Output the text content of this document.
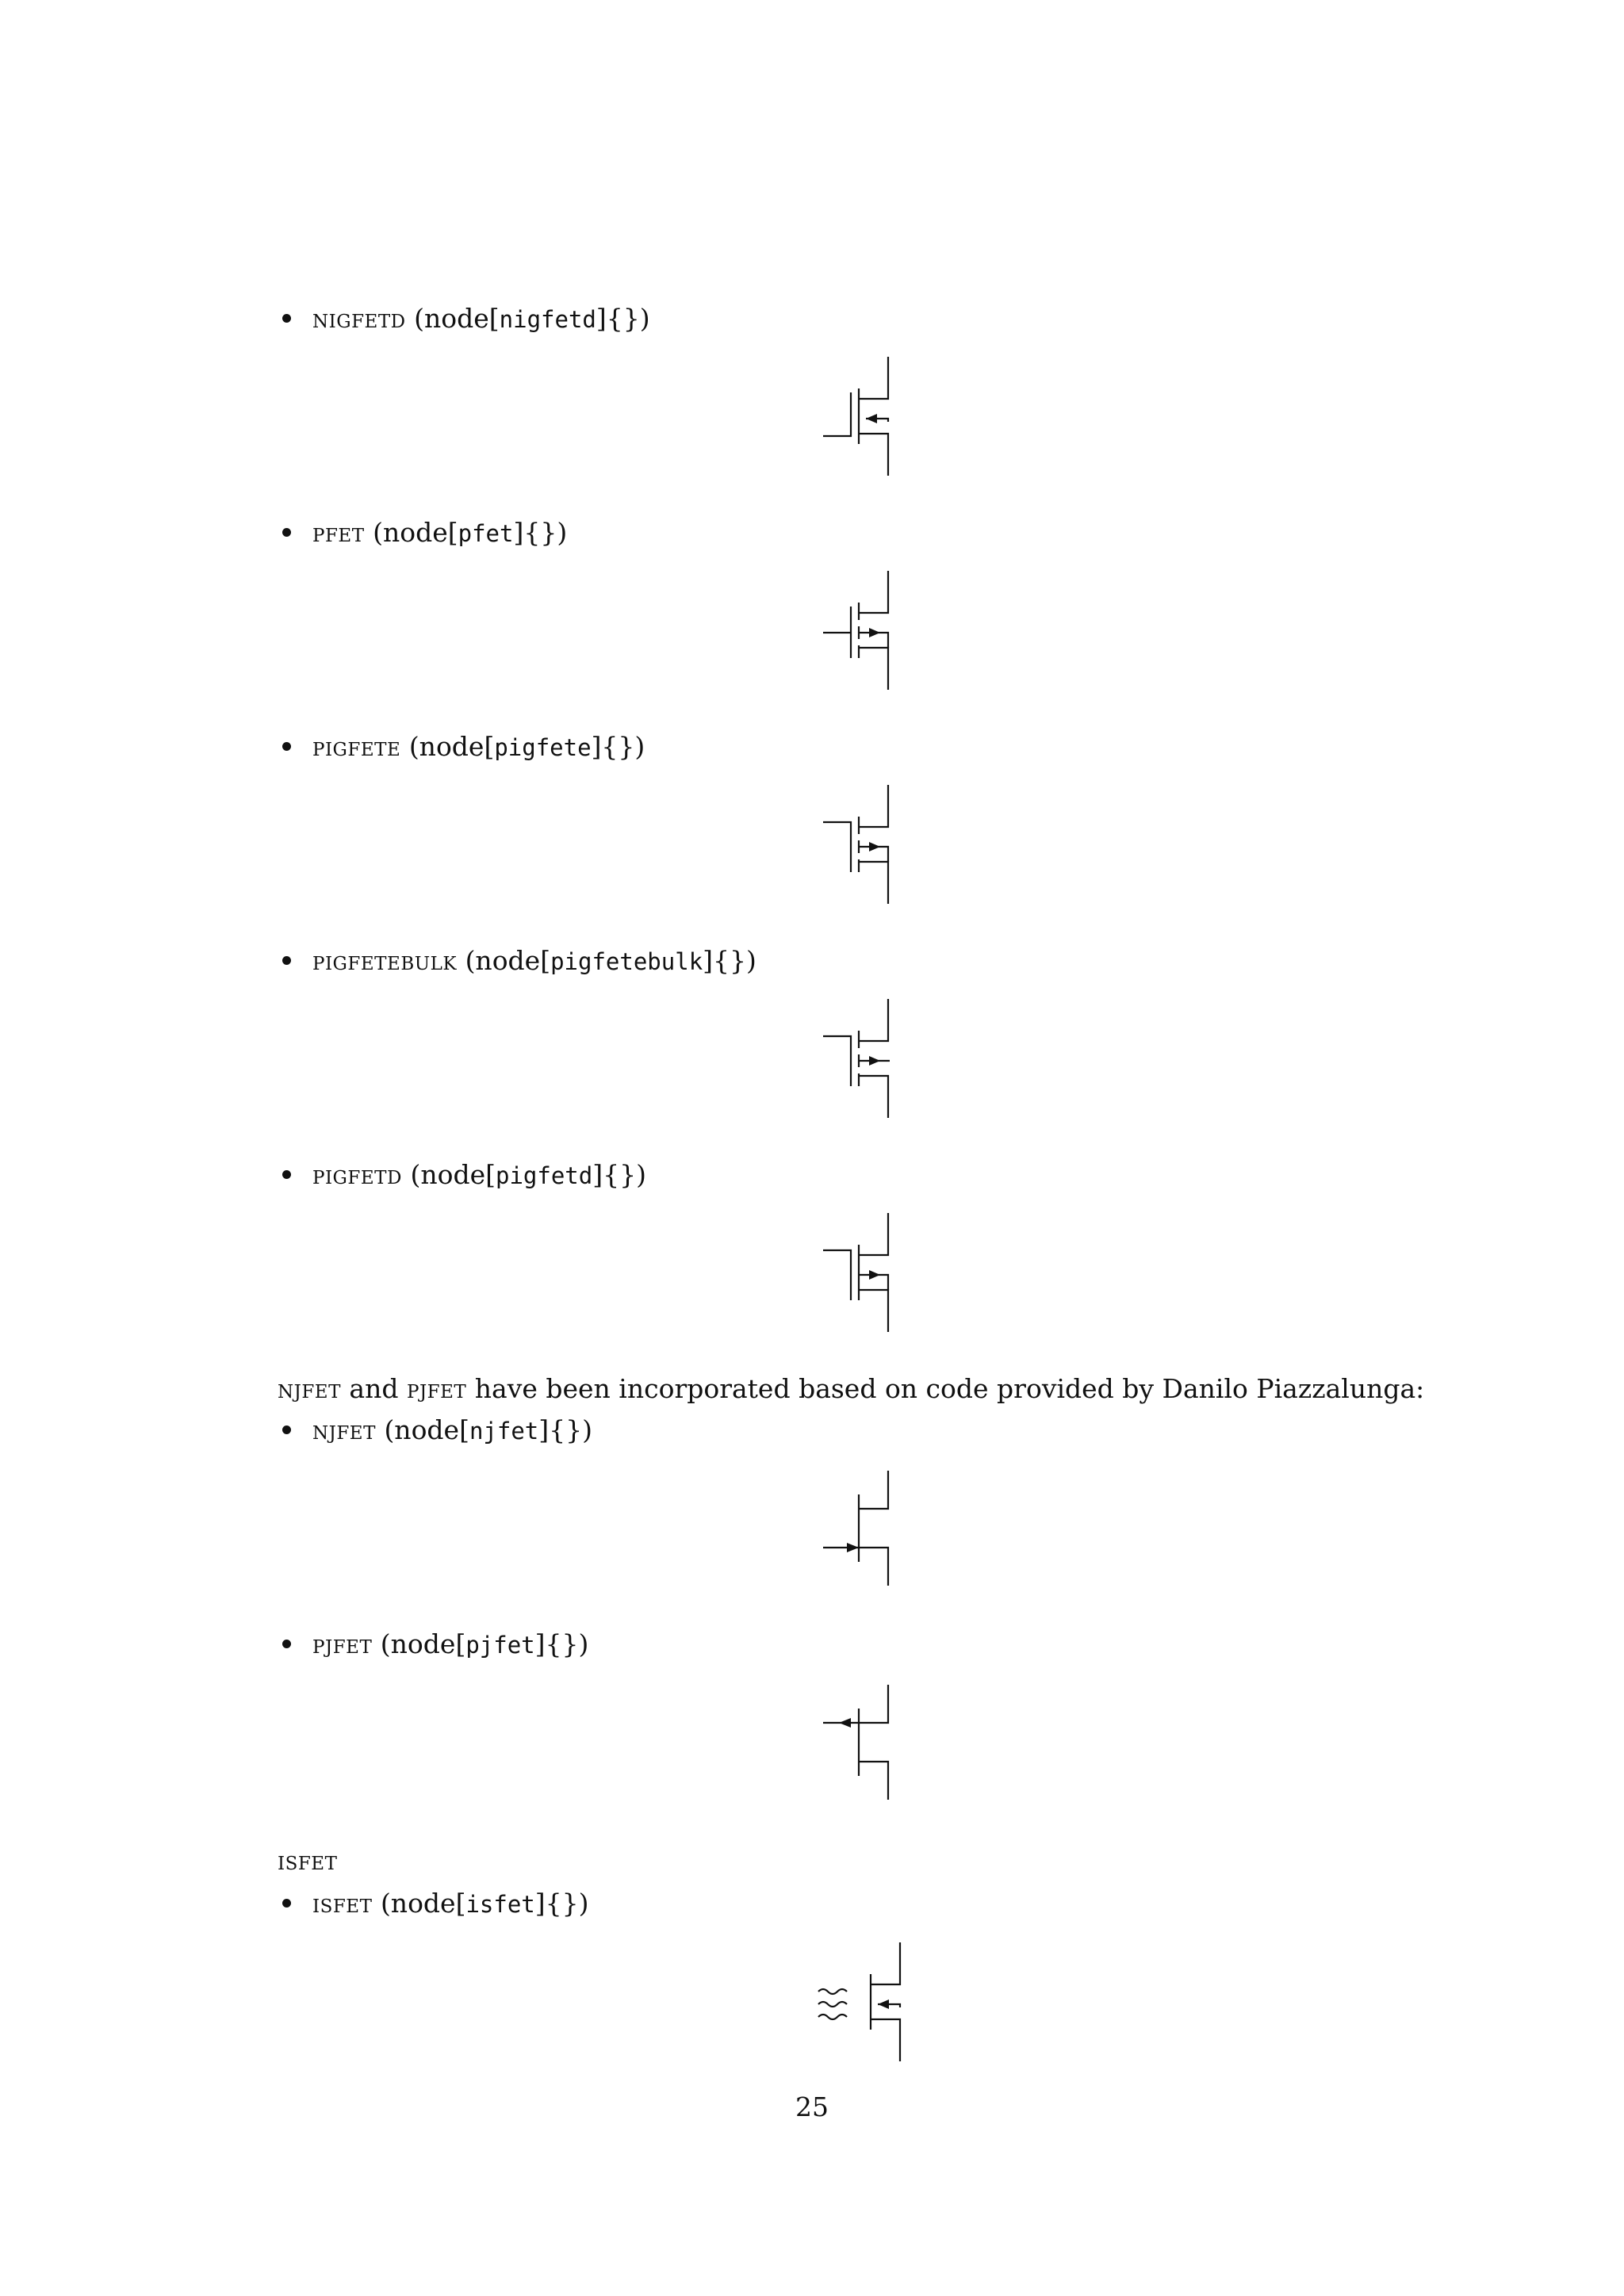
nigfetd (node[nigfetd]{})
pfet (node[pfet]{})
pigfete (node[pigfete]{})
pigfetebulk (node[pigfetebulk]{})
pigfetd (node[pigfetd]{})
njfet and pjfet have been incorporated based on code provided by Danilo Piazzalunga:
njfet (node[njfet]{})
pjfet (node[pjfet]{})
isfet
isfet (node[isfet]{})
25
